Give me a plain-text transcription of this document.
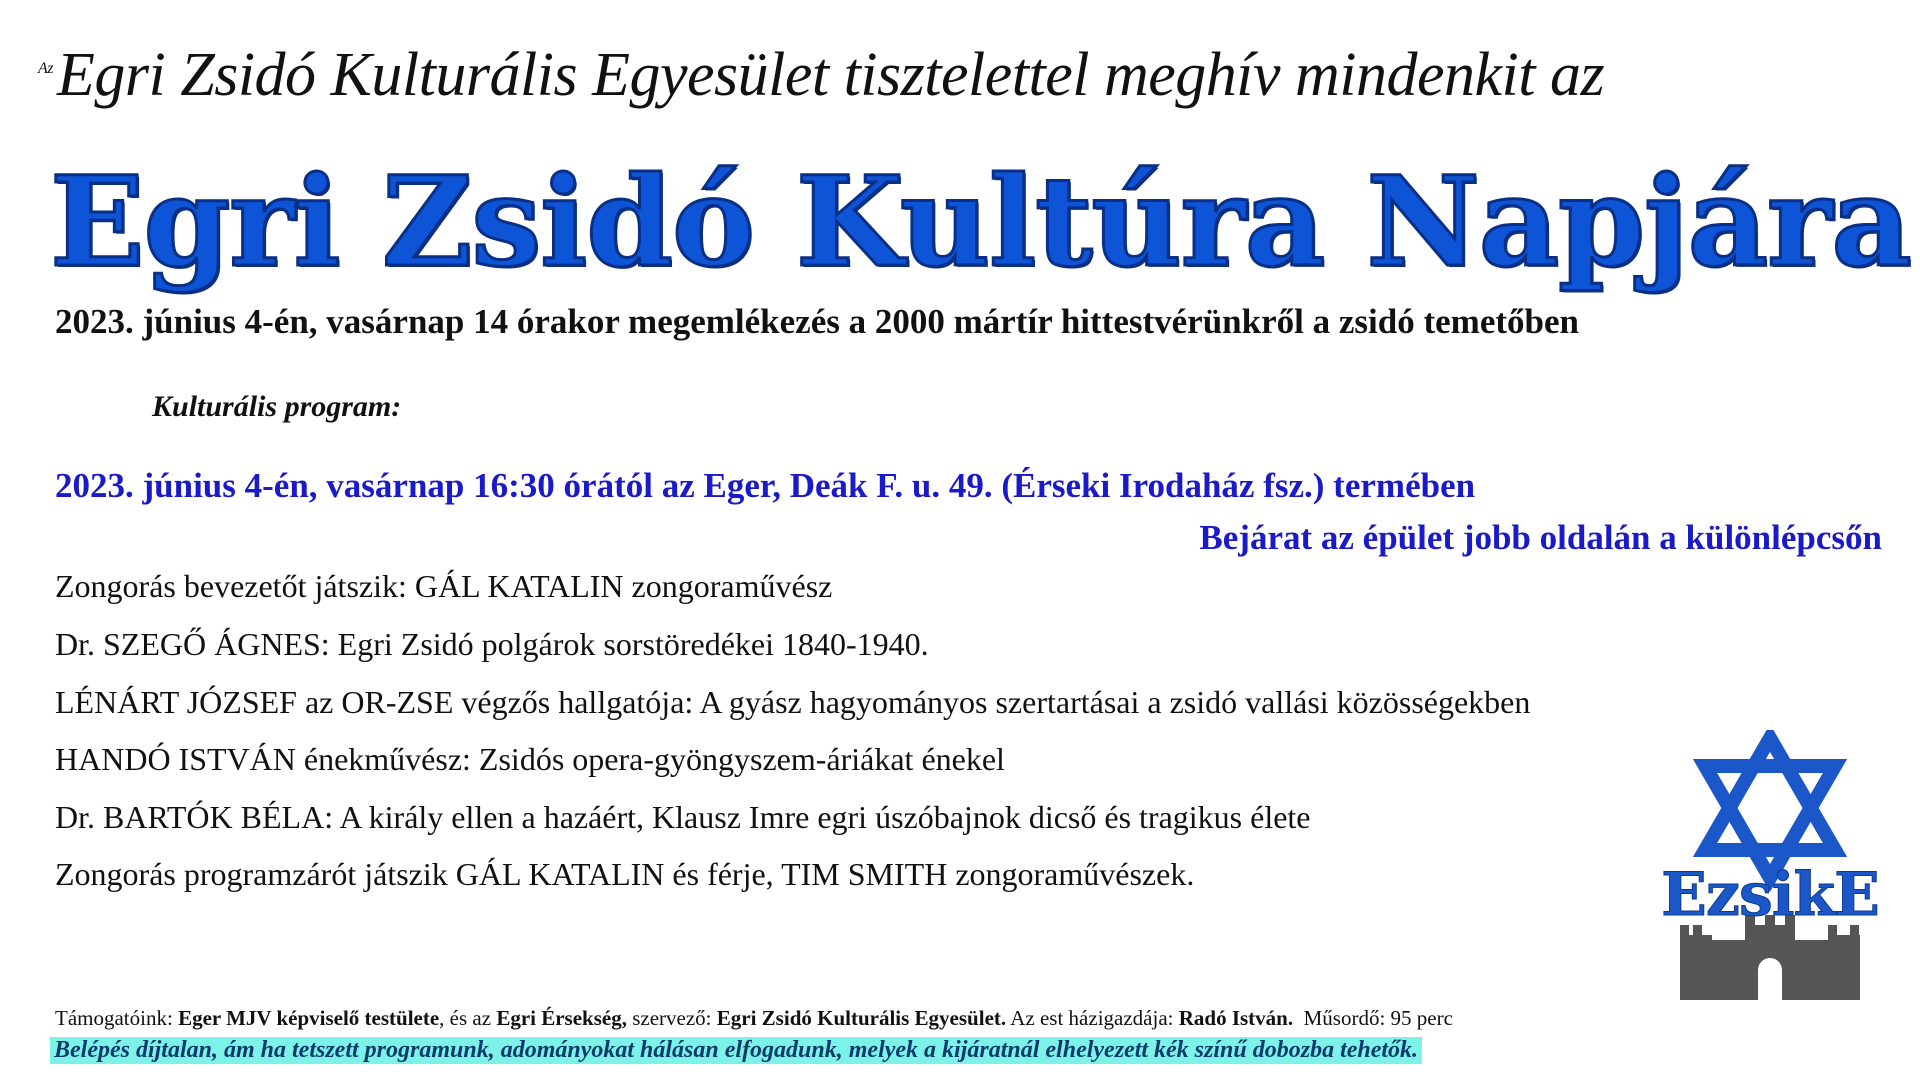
$^{Az}$Egri Zsidó Kulturális Egyesület tisztelettel meghív mindenkit az
Egri Zsidó Kultúra Napjára
2023. június 4-én, vasárnap 14 órakor megemlékezés a 2000 mártír hittestvérünkről a zsidó temetőben
Kulturális program:
2023. június 4-én, vasárnap 16:30 órától az Eger, Deák F. u. 49. (Érseki Irodaház fsz.) termében
Bejárat az épület jobb oldalán a különlépcsőn
Zongorás bevezetőt játszik: GÁL KATALIN zongoraművész
Dr. SZEGŐ ÁGNES: Egri Zsidó polgárok sorstöredékei 1840-1940.
LÉNÁRT JÓZSEF az OR-ZSE végzős hallgatója: A gyász hagyományos szertartásai a zsidó vallási közösségekben
HANDÓ ISTVÁN énekművész: Zsidós opera-gyöngyszem-áriákat énekel
Dr. BARTÓK BÉLA: A király ellen a hazáért, Klausz Imre egri úszóbajnok dicső és tragikus élete
Zongorás programzárót játszik GÁL KATALIN és férje, TIM SMITH zongoraművészek.	EzsikE
Támogatóink: Eger MJV képviselő testülete, és az Egri Érsekség, szervező: Egri Zsidó Kulturális Egyesület. Az est házigazdája: Radó István. Műsordő: 95 perc
Belépés díjtalan, ám ha tetszett programunk, adományokat hálásan elfogadunk, melyek a kijáratnál elhelyezett kék színű dobozba tehetők.
